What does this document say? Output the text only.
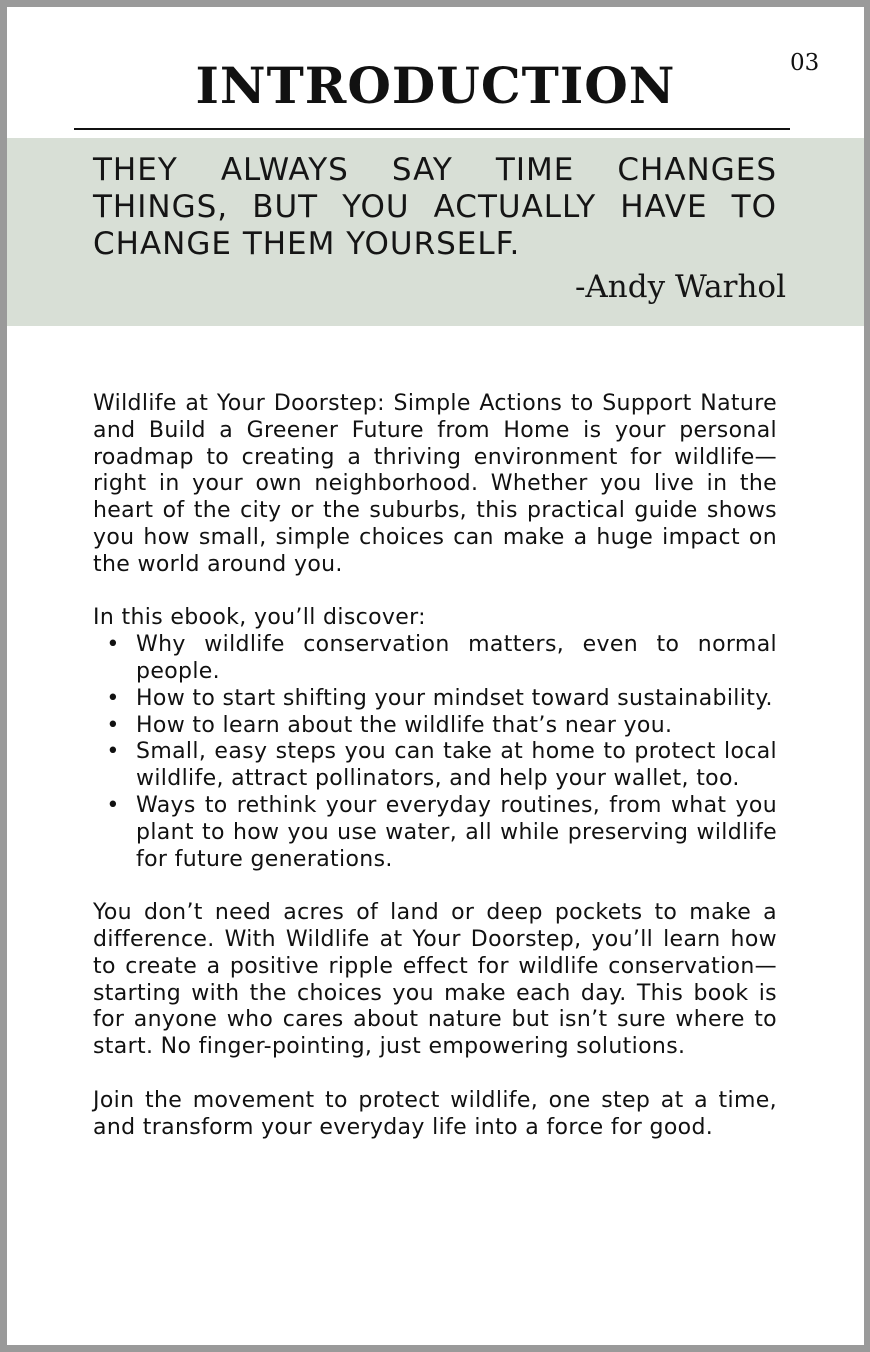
INTRODUCTION	03

THEY ALWAYS SAY TIME CHANGES THINGS, BUT YOU ACTUALLY HAVE TO CHANGE THEM YOURSELF.

-Andy Warhol

Wildlife at Your Doorstep: Simple Actions to Support Nature and Build a Greener Future from Home is your personal roadmap to creating a thriving environment for wildlife—right in your own neighborhood. Whether you live in the heart of the city or the suburbs, this practical guide shows you how small, simple choices can make a huge impact on the world around you.

In this ebook, you’ll discover:

• Why wildlife conservation matters, even to normal people.
• How to start shifting your mindset toward sustainability.
• How to learn about the wildlife that’s near you.
• Small, easy steps you can take at home to protect local wildlife, attract pollinators, and help your wallet, too.
• Ways to rethink your everyday routines, from what you plant to how you use water, all while preserving wildlife for future generations.

You don’t need acres of land or deep pockets to make a difference. With Wildlife at Your Doorstep, you’ll learn how to create a positive ripple effect for wildlife conservation—starting with the choices you make each day. This book is for anyone who cares about nature but isn’t sure where to start. No finger-pointing, just empowering solutions.

Join the movement to protect wildlife, one step at a time, and transform your everyday life into a force for good.
